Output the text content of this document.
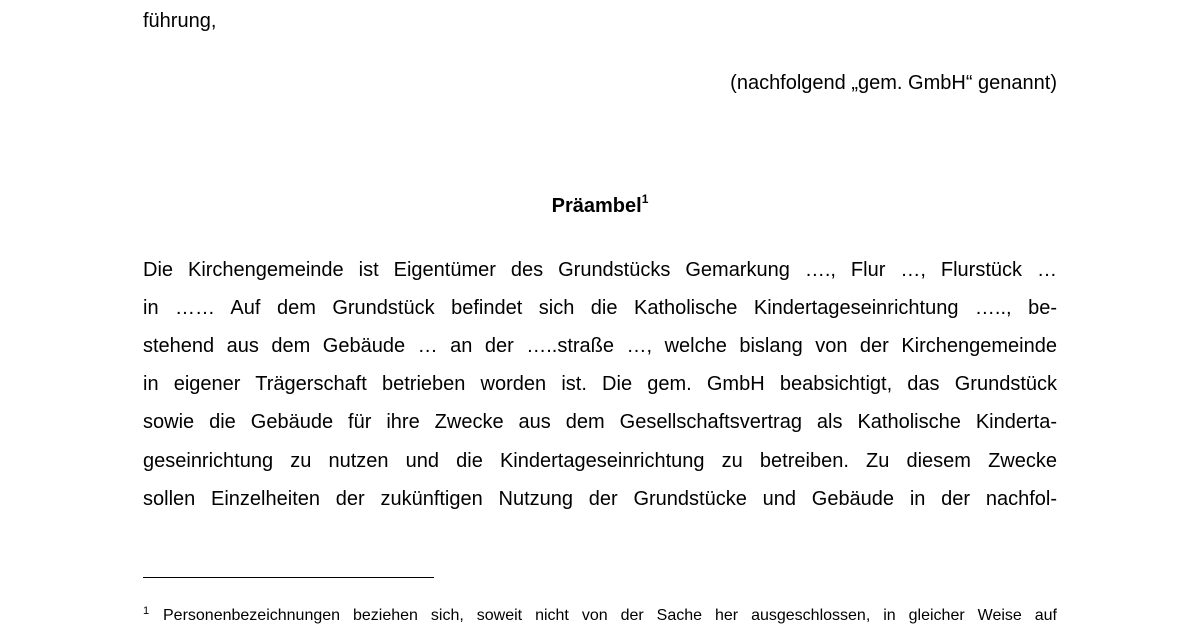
führung,
(nachfolgend „gem. GmbH“ genannt)
Präambel$^1$
Die Kirchengemeinde ist Eigentümer des Grundstücks Gemarkung …., Flur …, Flurstück …
in …… Auf dem Grundstück befindet sich die Katholische Kindertageseinrichtung ….., be-
stehend aus dem Gebäude … an der …..straße …, welche bislang von der Kirchengemeinde
in eigener Trägerschaft betrieben worden ist. Die gem. GmbH beabsichtigt, das Grundstück
sowie die Gebäude für ihre Zwecke aus dem Gesellschaftsvertrag als Katholische Kinderta-
geseinrichtung zu nutzen und die Kindertageseinrichtung zu betreiben. Zu diesem Zwecke
sollen Einzelheiten der zukünftigen Nutzung der Grundstücke und Gebäude in der nachfol-
1 Personenbezeichnungen beziehen sich, soweit nicht von der Sache her ausgeschlossen, in gleicher Weise auf
